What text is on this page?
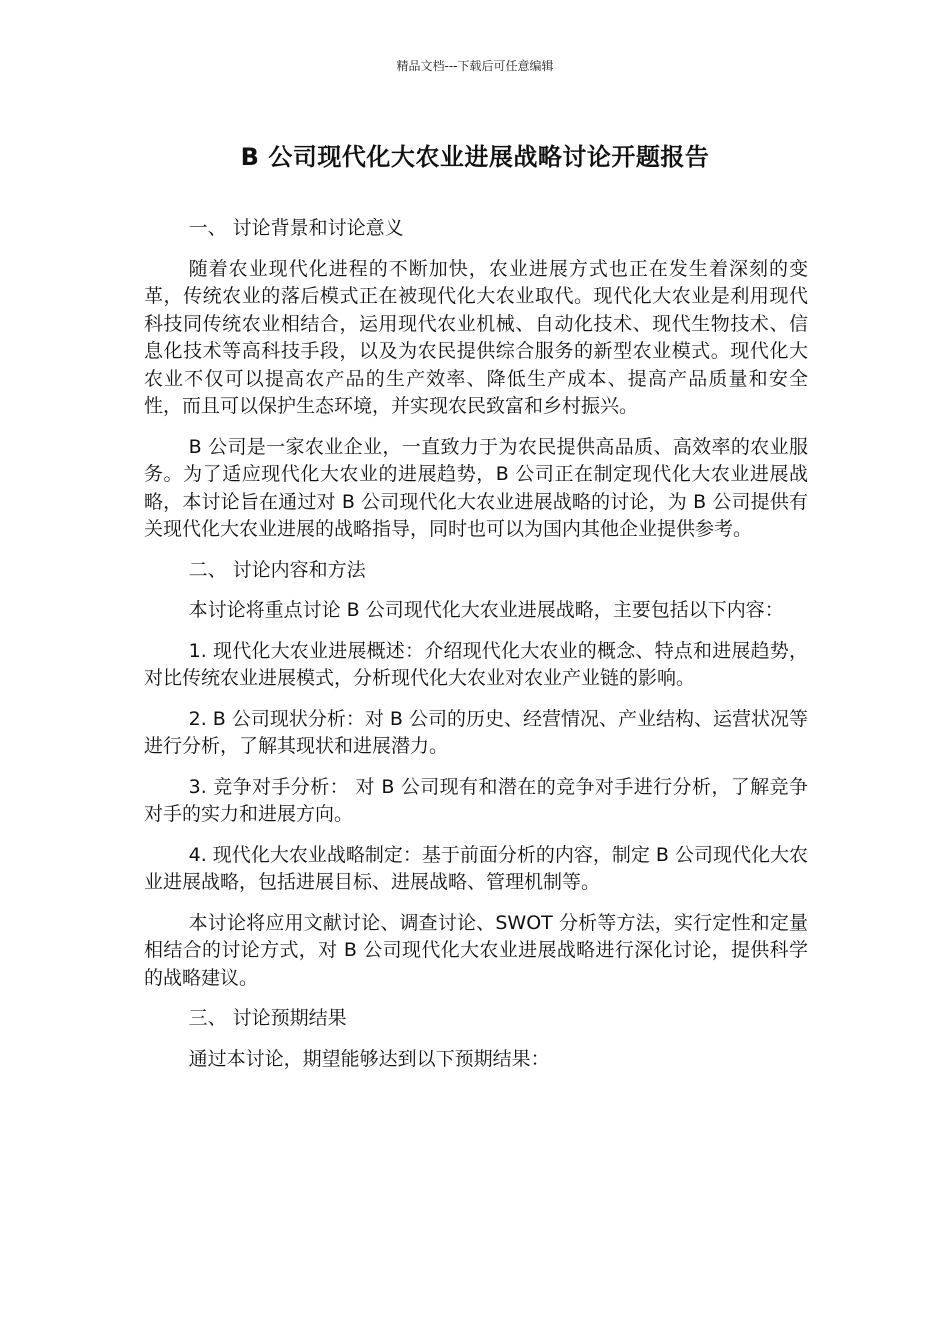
精品文档---下载后可任意编辑
B 公司现代化大农业进展战略讨论开题报告

一、 讨论背景和讨论意义

随着农业现代化进程的不断加快，农业进展方式也正在发生着深刻的变革，传统农业的落后模式正在被现代化大农业取代。现代化大农业是利用现代科技同传统农业相结合，运用现代农业机械、自动化技术、现代生物技术、信息化技术等高科技手段，以及为农民提供综合服务的新型农业模式。现代化大农业不仅可以提高农产品的生产效率、降低生产成本、提高产品质量和安全性，而且可以保护生态环境，并实现农民致富和乡村振兴。

B 公司是一家农业企业，一直致力于为农民提供高品质、高效率的农业服务。为了适应现代化大农业的进展趋势，B 公司正在制定现代化大农业进展战略，本讨论旨在通过对 B 公司现代化大农业进展战略的讨论，为 B 公司提供有关现代化大农业进展的战略指导，同时也可以为国内其他企业提供参考。

二、 讨论内容和方法

本讨论将重点讨论 B 公司现代化大农业进展战略，主要包括以下内容：

1. 现代化大农业进展概述：介绍现代化大农业的概念、特点和进展趋势，对比传统农业进展模式，分析现代化大农业对农业产业链的影响。

2. B 公司现状分析：对 B 公司的历史、经营情况、产业结构、运营状况等进行分析，了解其现状和进展潜力。

3. 竞争对手分析： 对 B 公司现有和潜在的竞争对手进行分析，了解竞争对手的实力和进展方向。

4. 现代化大农业战略制定：基于前面分析的内容，制定 B 公司现代化大农业进展战略，包括进展目标、进展战略、管理机制等。

本讨论将应用文献讨论、调查讨论、SWOT 分析等方法，实行定性和定量相结合的讨论方式，对 B 公司现代化大农业进展战略进行深化讨论，提供科学的战略建议。

三、 讨论预期结果

通过本讨论，期望能够达到以下预期结果：
